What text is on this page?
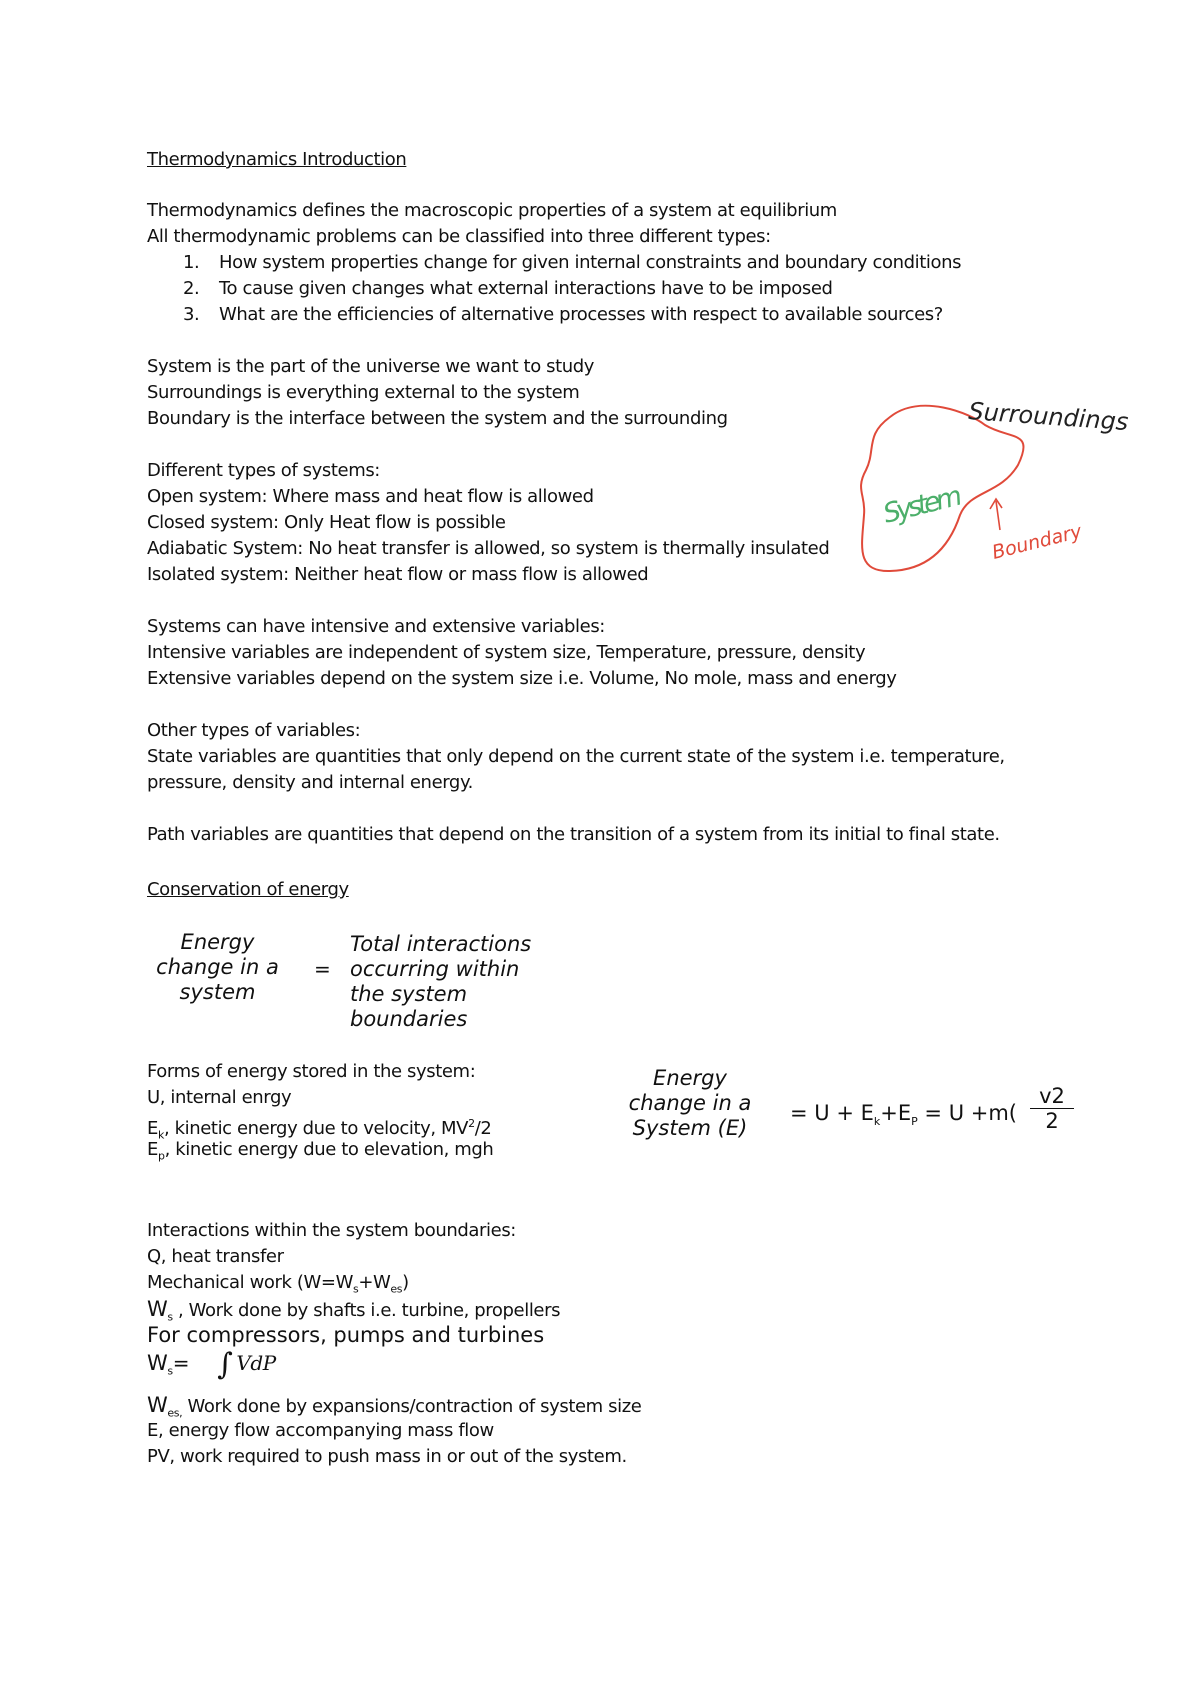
Thermodynamics Introduction
Thermodynamics defines the macroscopic properties of a system at equilibrium
All thermodynamic problems can be classified into three different types:
1. How system properties change for given internal constraints and boundary conditions
2. To cause given changes what external interactions have to be imposed
3. What are the efficiencies of alternative processes with respect to available sources?
System is the part of the universe we want to study
Surroundings is everything external to the system
Boundary is the interface between the system and the surrounding	Surroundings
System
Boundary
Different types of systems:
Open system: Where mass and heat flow is allowed
Closed system: Only Heat flow is possible
Adiabatic System: No heat transfer is allowed, so system is thermally insulated
Isolated system: Neither heat flow or mass flow is allowed
Systems can have intensive and extensive variables:
Intensive variables are independent of system size, Temperature, pressure, density
Extensive variables depend on the system size i.e. Volume, No mole, mass and energy
Other types of variables:
State variables are quantities that only depend on the current state of the system i.e. temperature,
pressure, density and internal energy.
Path variables are quantities that depend on the transition of a system from its initial to final state.
Conservation of energy
Energy
change in a
system
=
Total interactions
occurring within
the system
boundaries
Forms of energy stored in the system:
U, internal enrgy
$E_k$, kinetic energy due to velocity, $MV^2/2$
$E_p$, kinetic energy due to elevation, mgh
Energy
change in a
System (E)
= $U + E_k+E_P = U +m( \frac{v2}{2}$
Interactions within the system boundaries:
Q, heat transfer
Mechanical work $(W=W_s+W_{es})$
$W_s$ , Work done by shafts i.e. turbine, propellers
For compressors, pumps and turbines
$W_s=$ ∫ VdP
$W_{es,}$ Work done by expansions/contraction of system size
E, energy flow accompanying mass flow
PV, work required to push mass in or out of the system.
